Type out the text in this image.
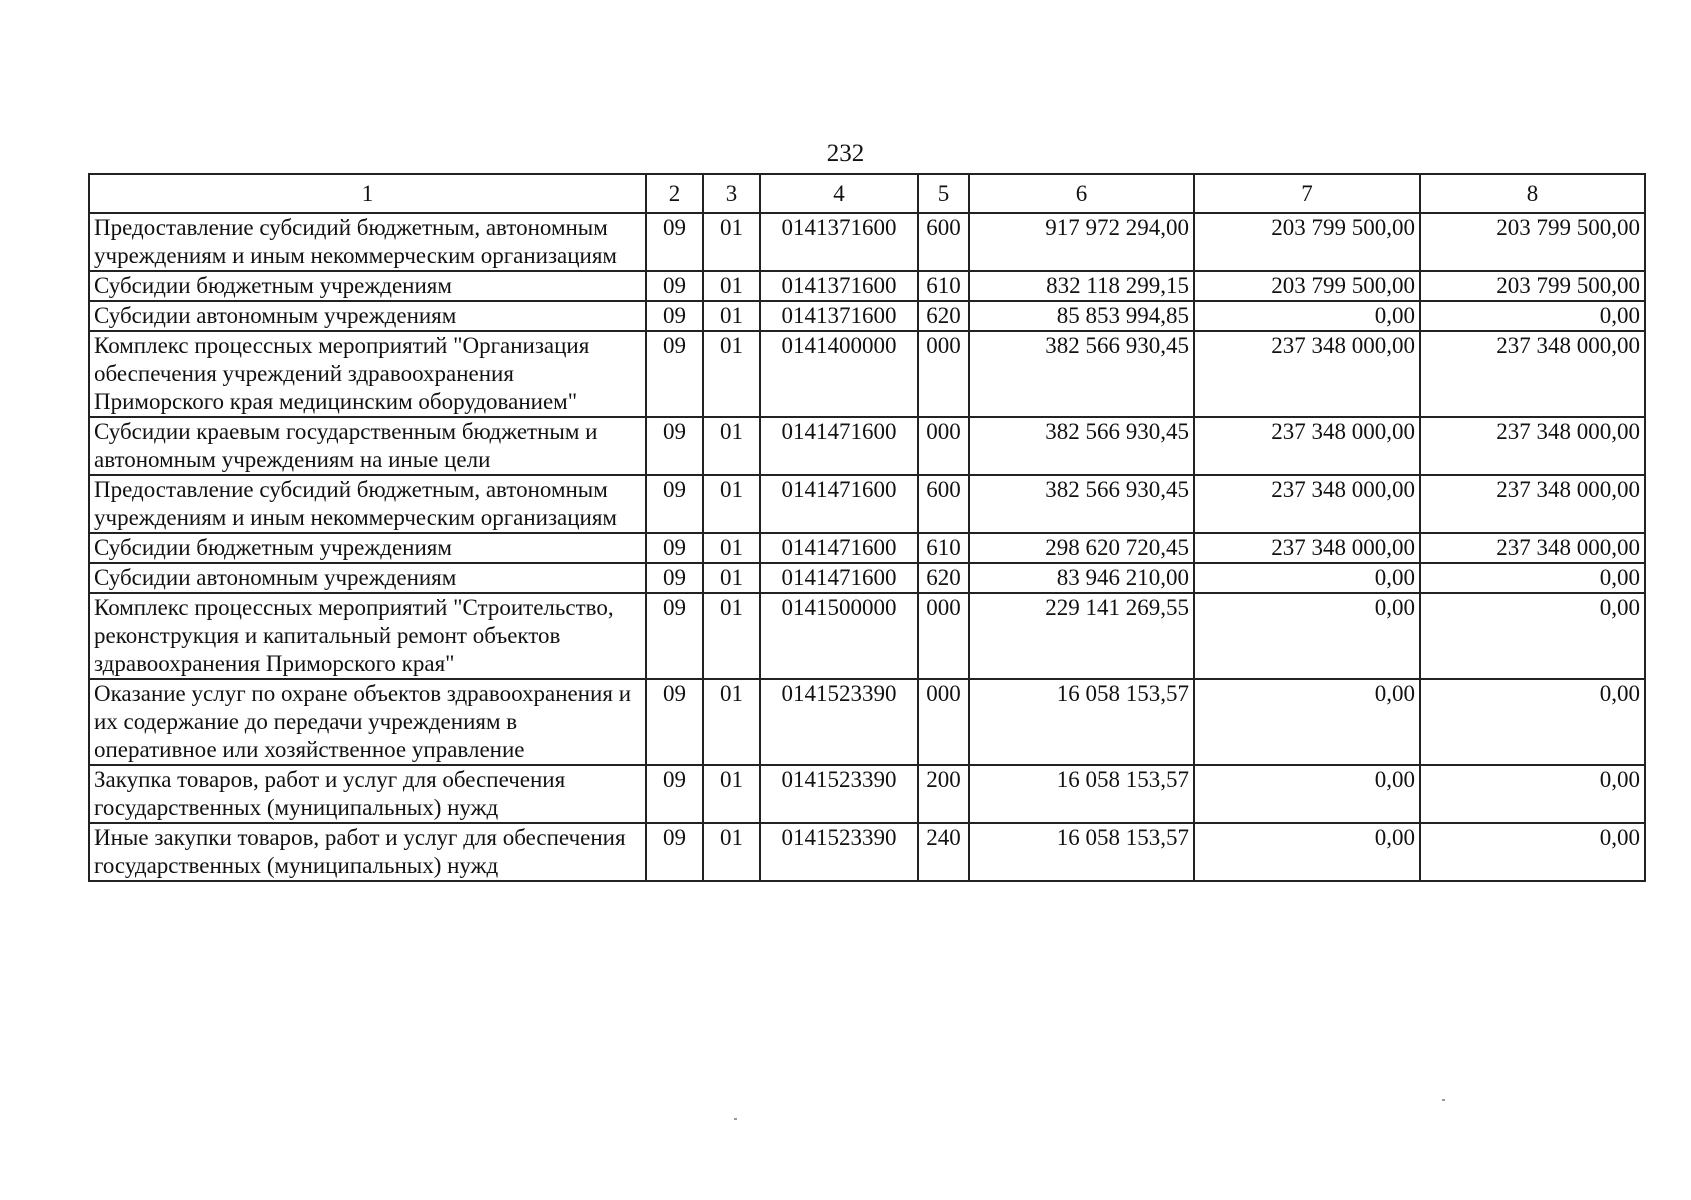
232
1	2	3	4	5	6	7	8
Предоставление субсидий бюджетным, автономным учреждениям и иным некоммерческим организациям	09	01	0141371600	600	917 972 294,00	203 799 500,00	203 799 500,00
Субсидии бюджетным учреждениям	09	01	0141371600	610	832 118 299,15	203 799 500,00	203 799 500,00
Субсидии автономным учреждениям	09	01	0141371600	620	85 853 994,85	0,00	0,00
Комплекс процессных мероприятий "Организация обеспечения учреждений здравоохранения Приморского края медицинским оборудованием"	09	01	0141400000	000	382 566 930,45	237 348 000,00	237 348 000,00
Субсидии краевым государственным бюджетным и автономным учреждениям на иные цели	09	01	0141471600	000	382 566 930,45	237 348 000,00	237 348 000,00
Предоставление субсидий бюджетным, автономным учреждениям и иным некоммерческим организациям	09	01	0141471600	600	382 566 930,45	237 348 000,00	237 348 000,00
Субсидии бюджетным учреждениям	09	01	0141471600	610	298 620 720,45	237 348 000,00	237 348 000,00
Субсидии автономным учреждениям	09	01	0141471600	620	83 946 210,00	0,00	0,00
Комплекс процессных мероприятий "Строительство, реконструкция и капитальный ремонт объектов здравоохранения Приморского края"	09	01	0141500000	000	229 141 269,55	0,00	0,00
Оказание услуг по охране объектов здравоохранения и их содержание до передачи учреждениям в оперативное или хозяйственное управление	09	01	0141523390	000	16 058 153,57	0,00	0,00
Закупка товаров, работ и услуг для обеспечения государственных (муниципальных) нужд	09	01	0141523390	200	16 058 153,57	0,00	0,00
Иные закупки товаров, работ и услуг для обеспечения государственных (муниципальных) нужд	09	01	0141523390	240	16 058 153,57	0,00	0,00
